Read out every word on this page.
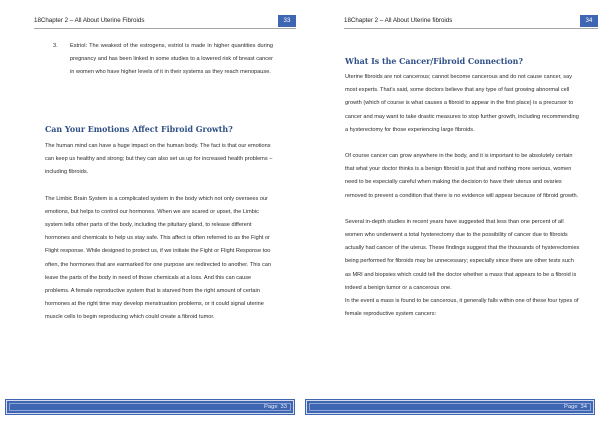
18Chapter 2 – All About Uterine Fibroids	33
3.	Estriol: The weakest of the estrogens, estriol is made in higher quantities during pregnancy and has been linked in some studies to a lowered risk of breast cancer in women who have higher levels of it in their systems as they reach menopause.
Can Your Emotions Affect Fibroid Growth?

The human mind can have a huge impact on the human body. The fact is that our emotions can keep us healthy and strong; but they can also set us up for increased health problems – including fibroids.

The Limbic Brain System is a complicated system in the body which not only oversees our emotions, but helps to control our hormones. When we are scared or upset, the Limbic system tells other parts of the body, including the pituitary gland, to release different hormones and chemicals to help us stay safe. This affect is often referred to as the Fight or Flight response. While designed to protect us, if we initiate the Fight or Flight Response too often, the hormones that are earmarked for one purpose are redirected to another. This can leave the parts of the body in need of those chemicals at a loss. And this can cause problems. A female reproductive system that is starved from the right amount of certain hormones at the right time may develop menstruation problems, or it could signal uterine muscle cells to begin reproducing which could create a fibroid tumor.

Page 33
18Chapter 2 – All About Uterine fibroids	34
What Is the Cancer/Fibroid Connection?

Uterine fibroids are not cancerous; cannot become cancerous and do not cause cancer, say most experts. That’s said, some doctors believe that any type of fast growing abnormal cell growth (which of course is what causes a fibroid to appear in the first place) is a precursor to cancer and may want to take drastic measures to stop further growth, including recommending a hysterectomy for those experiencing large fibroids.

Of course cancer can grow anywhere in the body, and it is important to be absolutely certain that what your doctor thinks is a benign fibroid is just that and nothing more serious, women need to be especially careful when making the decision to have their uterus and ovaries removed to prevent a condition that there is no evidence will appear because of fibroid growth.

Several in-depth studies in recent years have suggested that less than one percent of all women who underwent a total hysterectomy due to the possibility of cancer due to fibroids actually had cancer of the uterus. These findings suggest that the thousands of hysterectomies being performed for fibroids may be unnecessary; especially since there are other tests such as MRI and biopsies which could tell the doctor whether a mass that appears to be a fibroid is indeed a benign tumor or a cancerous one.

In the event a mass is found to be cancerous, it generally falls within one of these four types of female reproductive system cancers:

Page 34
